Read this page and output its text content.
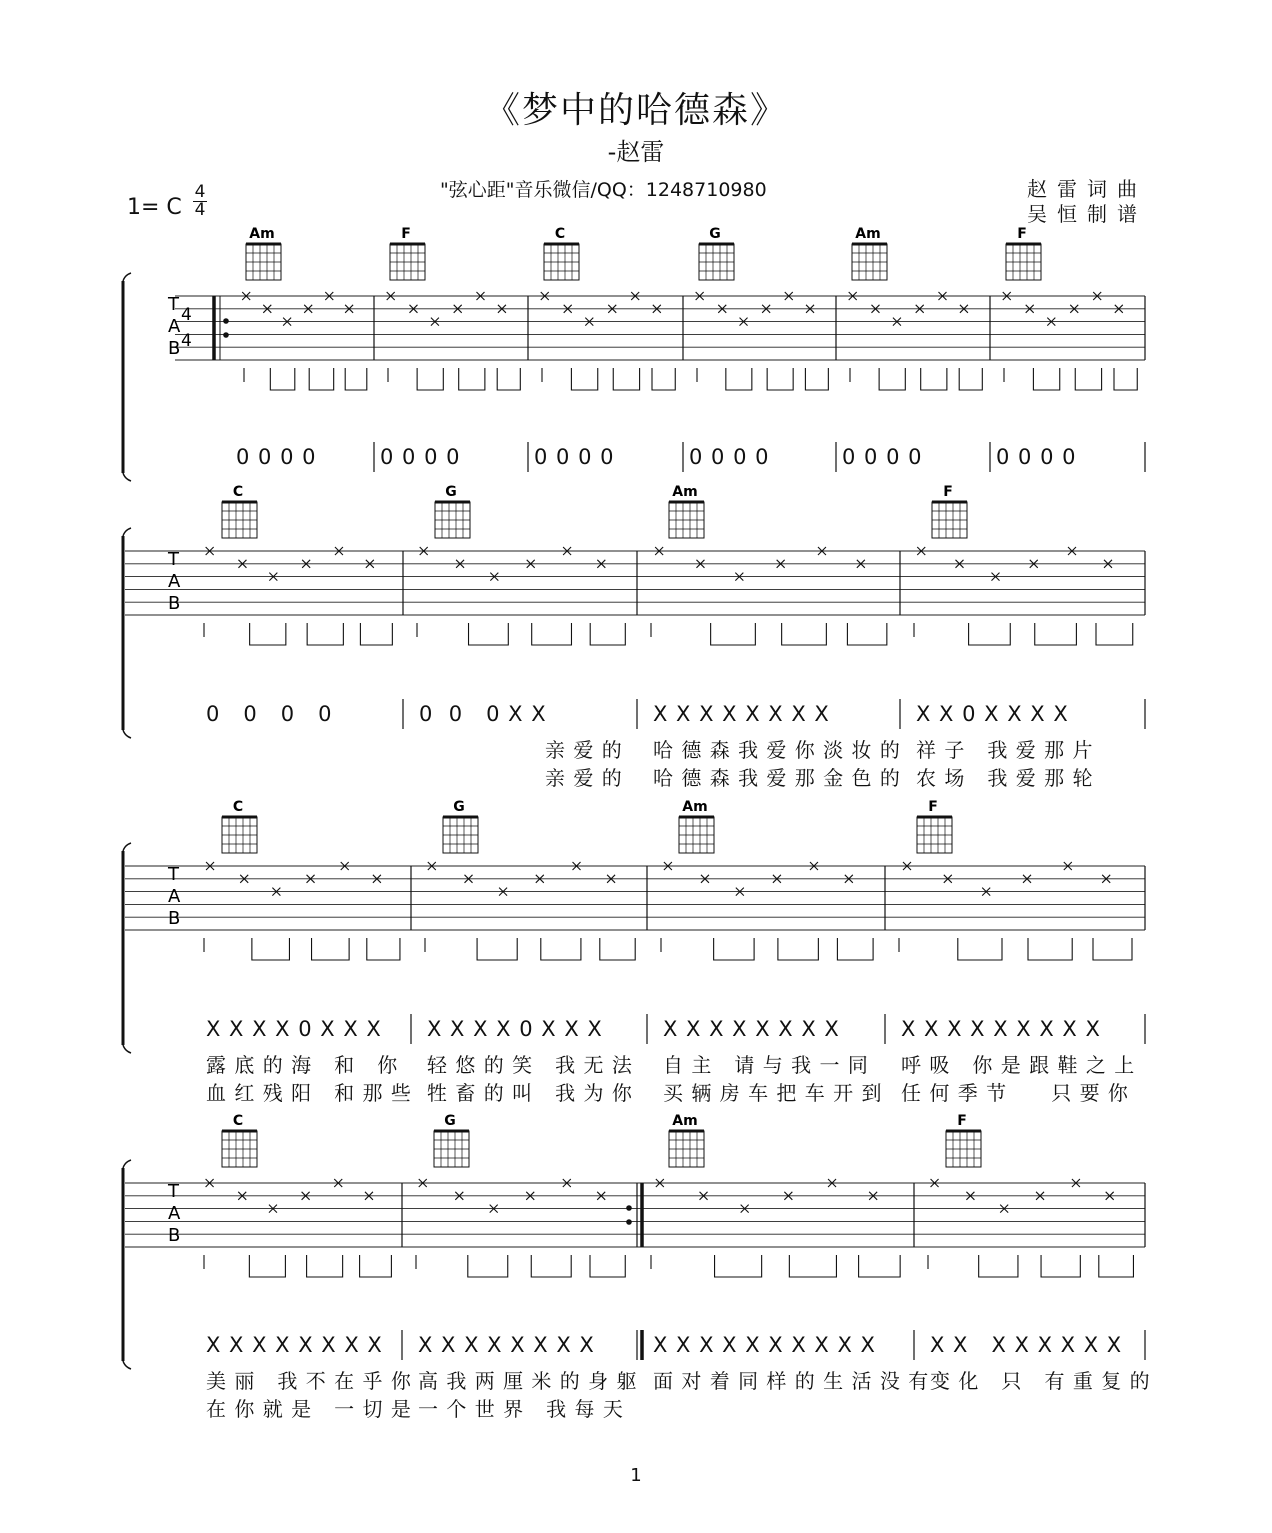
《梦中的哈德森》
-赵雷
"弦心距"音乐微信/QQ：1248710980	赵雷词曲
吴恒制谱
1= C
4
4
T
A
B
4
4
Am	F	C	G	Am	F
T
A
B
C	G	Am	F
T
A
B
C	G	Am	F
T
A
B
C	G	Am	F
1
0 0 0 0	0 0 0 0	0 0 0 0	0 0 0 0	0 0 0 0	0 0 0 0
0   0   0   0	0  0   0 X X
亲 爱 的
亲 爱 的
X X X X X X X X
哈 德 森 我 爱 你 淡 妆 的
哈 德 森 我 爱 那 金 色 的
X X 0 X X X X
祥 子   我 爱 那 片
农 场   我 爱 那 轮
X X X X 0 X X X
露 底 的 海   和   你
血 红 残 阳   和 那 些
X X X X 0 X X X
轻 悠 的 笑   我 无 法
牲 畜 的 叫   我 为 你
X X X X X X X X
自 主   请 与 我 一 同
买 辆 房 车 把 车 开 到
X X X X X X X X X
呼 吸   你 是 跟 鞋 之 上
任 何 季 节      只 要 你
X X X X X X X X
美 丽   我 不 在 乎 你
在 你 就 是   一 切 是
X X X X X X X X
高 我 两 厘 米 的 身 躯
一 个 世 界   我 每 天
X X X X X X X X X X
面 对 着 同 样 的 生 活 没 有
X X   X X X X X X
变 化   只   有 重 复 的
